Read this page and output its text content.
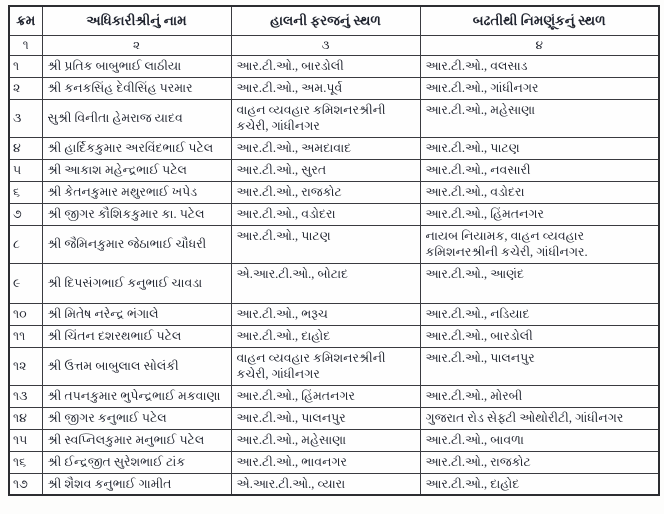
ક્રમ	અધિકારીશ્રીનું નામ	હાલની ફરજનું સ્થળ	બઢતીથી નિમણૂંકનું સ્થળ
૧	૨	૩	૪
૧	શ્રી પ્રતિક બાબુભાઈ લાઠીયા	આર.ટી.ઓ., બારડોલી	આર.ટી.ઓ., વલસાડ
૨	શ્રી કનકસિંહ દેવીસિંહ પરમાર	આર.ટી.ઓ., અમ.પૂર્વ	આર.ટી.ઓ., ગાંધીનગર
૩	સુશ્રી વિનીતા હેમરાજ યાદવ	વાહન વ્યવહાર કમિશનરશ્રીની કચેરી, ગાંધીનગર	આર.ટી.ઓ., મહેસાણા
૪	શ્રી હાર્દિકકુમાર અરવિંદભાઈ પટેલ	આર.ટી.ઓ., અમદાવાદ	આર.ટી.ઓ., પાટણ
૫	શ્રી આકાશ મહેન્દ્રભાઈ પટેલ	આર.ટી.ઓ., સુરત	આર.ટી.ઓ., નવસારી
૬	શ્રી કેતનકુમાર મથુરભાઈ ખપેડ	આર.ટી.ઓ., રાજકોટ	આર.ટી.ઓ., વડોદરા
૭	શ્રી જીગર કૌશિકકુમાર કા. પટેલ	આર.ટી.ઓ., વડોદરા	આર.ટી.ઓ., હિંમતનગર
૮	શ્રી જૈમિનકુમાર જેઠાભાઈ ચૌધરી	આર.ટી.ઓ., પાટણ	નાયબ નિયામક, વાહન વ્યવહાર કમિશનરશ્રીની કચેરી, ગાંધીનગર.
૯	શ્રી દિપસંગભાઈ કનુભાઈ ચાવડા	એ.આર.ટી.ઓ., બોટાદ	આર.ટી.ઓ., આણંદ
૧૦	શ્રી મિતેષ નરેન્દ્ર ભંગાલે	આર.ટી.ઓ., ભરૂચ	આર.ટી.ઓ., નડિયાદ
૧૧	શ્રી ચિંતન દશરથભાઈ પટેલ	આર.ટી.ઓ., દાહોદ	આર.ટી.ઓ., બારડોલી
૧૨	શ્રી ઉત્તમ બાબુલાલ સોલંકી	વાહન વ્યવહાર કમિશનરશ્રીની કચેરી, ગાંધીનગર	આર.ટી.ઓ., પાલનપુર
૧૩	શ્રી તપનકુમાર ભુપેન્દ્રભાઈ મકવાણા	આર.ટી.ઓ., હિંમતનગર	આર.ટી.ઓ., મોરબી
૧૪	શ્રી જીગર કનુભાઈ પટેલ	આર.ટી.ઓ., પાલનપુર	ગુજરાત રોડ સેફ્ટી ઓથોરીટી, ગાંધીનગર
૧૫	શ્રી સ્વપ્નિલકુમાર મનુભાઈ પટેલ	આર.ટી.ઓ., મહેસાણા	આર.ટી.ઓ., બાવળા
૧૬	શ્રી ઈન્દ્રજીત સુરેશભાઈ ટાંક	આર.ટી.ઓ., ભાવનગર	આર.ટી.ઓ., રાજકોટ
૧૭	શ્રી શૈશવ કનુભાઈ ગામીત	એ.આર.ટી.ઓ., વ્યારા	આર.ટી.ઓ., દાહોદ
